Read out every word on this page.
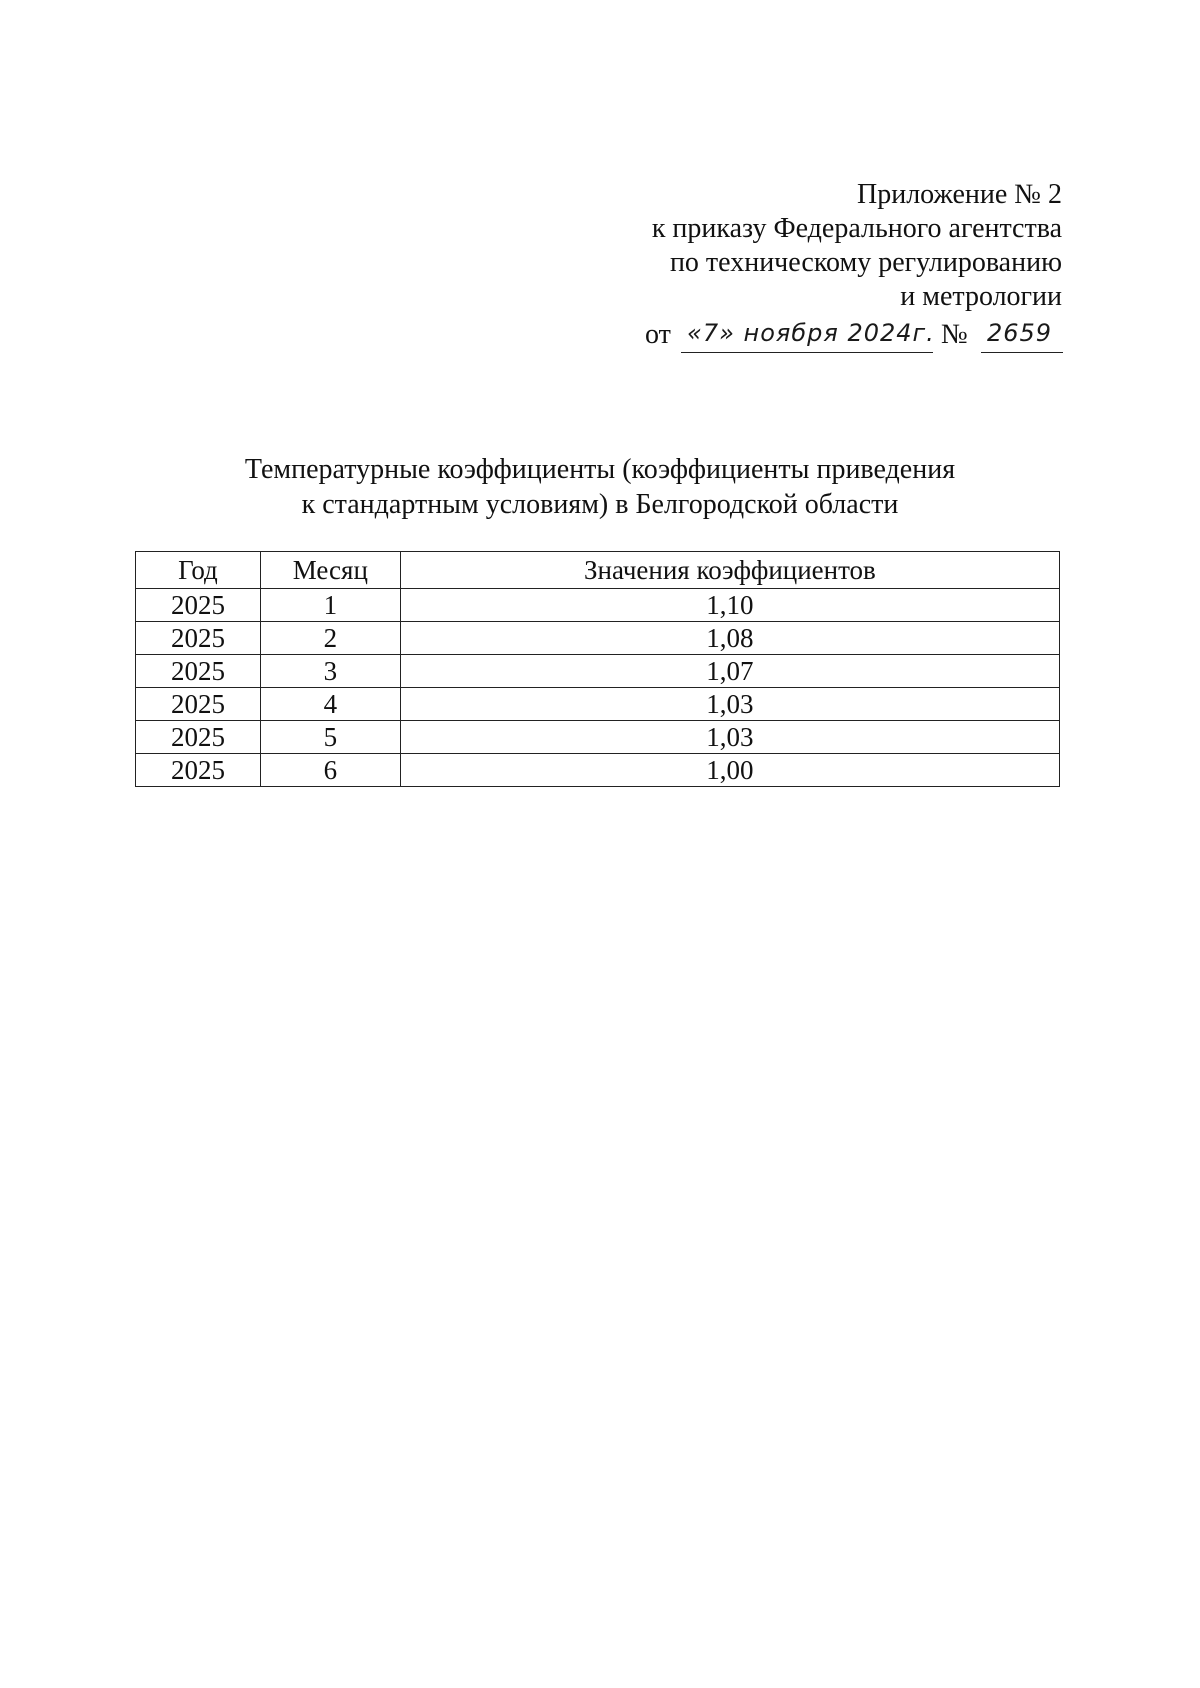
Приложение № 2
к приказу Федерального агентства
по техническому регулированию
и метрологии
от «7» ноября 2024г. № 2659
Температурные коэффициенты (коэффициенты приведения
к стандартным условиям) в Белгородской области
Год	Месяц	Значения коэффициентов
2025	1	1,10
2025	2	1,08
2025	3	1,07
2025	4	1,03
2025	5	1,03
2025	6	1,00
